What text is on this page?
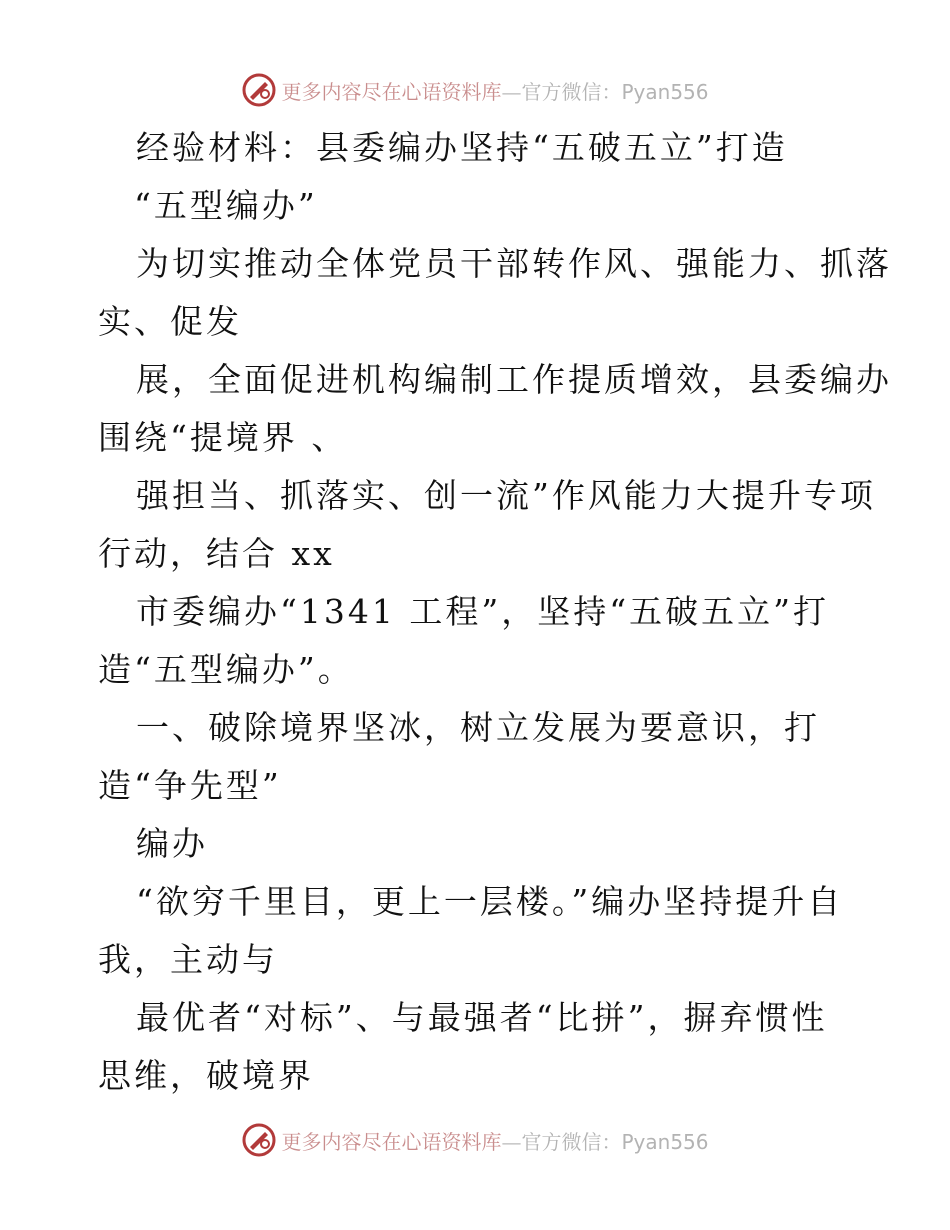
更多内容尽在心语资料库—官方微信：Pyan556
经验材料：县委编办坚持“五破五立”打造
“五型编办”
为切实推动全体党员干部转作风、强能力、抓落
实、促发
展，全面促进机构编制工作提质增效，县委编办
围绕“提境界 、
强担当、抓落实、创一流”作风能力大提升专项
行动，结合 xx
市委编办“1341 工程”，坚持“五破五立”打
造“五型编办”。
一、破除境界坚冰，树立发展为要意识，打
造“争先型”
编办
“欲穷千里目，更上一层楼。”编办坚持提升自
我，主动与
最优者“对标”、与最强者“比拼”，摒弃惯性
思维，破境界
更多内容尽在心语资料库—官方微信：Pyan556
